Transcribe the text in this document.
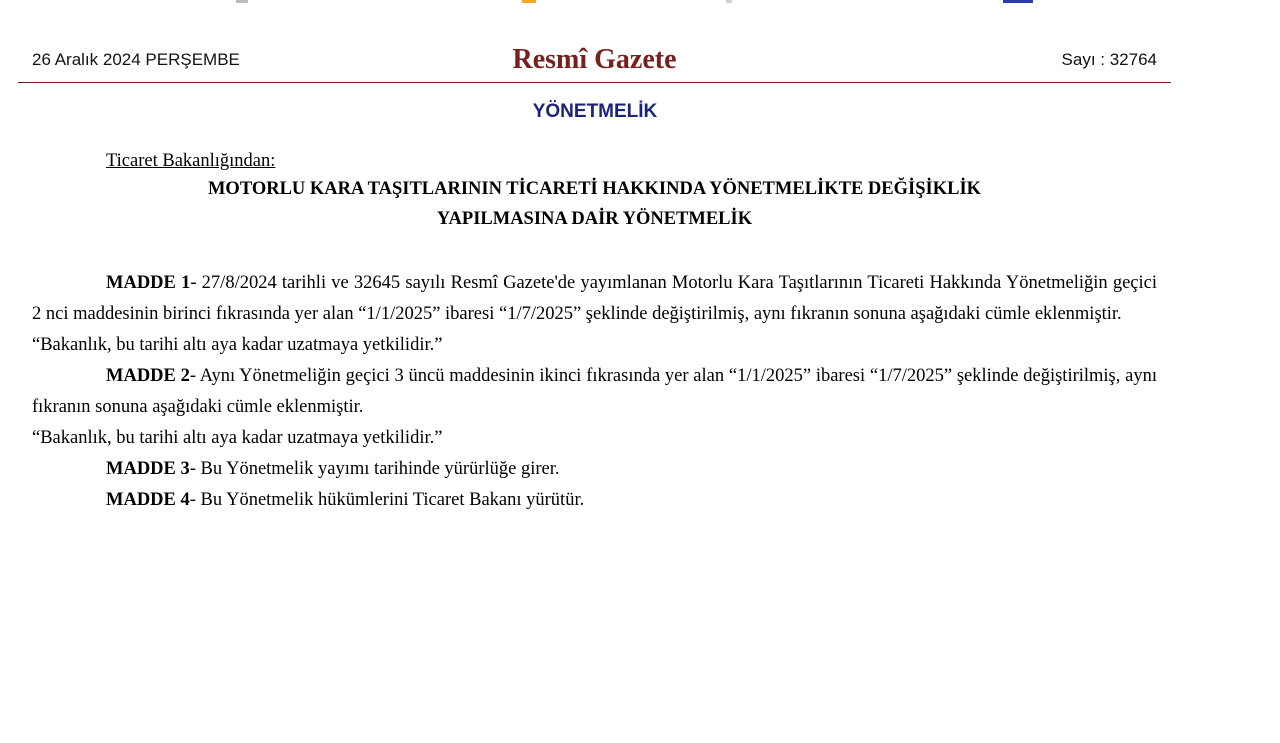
26 Aralık 2024 PERŞEMBE	Resmî Gazete	Sayı : 32764
YÖNETMELİK
Ticaret Bakanlığından:
MOTORLU KARA TAŞITLARININ TİCARETİ HAKKINDA YÖNETMELİKTE DEĞİŞİKLİK
YAPILMASINA DAİR YÖNETMELİK

MADDE 1- 27/8/2024 tarihli ve 32645 sayılı Resmî Gazete'de yayımlanan Motorlu Kara Taşıtlarının Ticareti Hakkında Yönetmeliğin geçici 2 nci maddesinin birinci fıkrasında yer alan “1/1/2025” ibaresi “1/7/2025” şeklinde değiştirilmiş, aynı fıkranın sonuna aşağıdaki cümle eklenmiştir.

“Bakanlık, bu tarihi altı aya kadar uzatmaya yetkilidir.”

MADDE 2- Aynı Yönetmeliğin geçici 3 üncü maddesinin ikinci fıkrasında yer alan “1/1/2025” ibaresi “1/7/2025” şeklinde değiştirilmiş, aynı fıkranın sonuna aşağıdaki cümle eklenmiştir.

“Bakanlık, bu tarihi altı aya kadar uzatmaya yetkilidir.”

MADDE 3- Bu Yönetmelik yayımı tarihinde yürürlüğe girer.

MADDE 4- Bu Yönetmelik hükümlerini Ticaret Bakanı yürütür.
